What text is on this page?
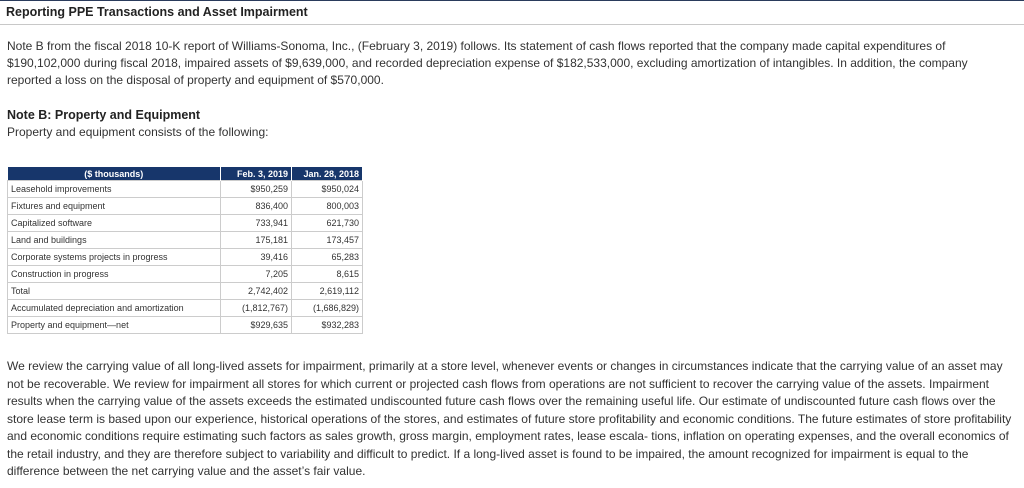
Reporting PPE Transactions and Asset Impairment
Note B from the fiscal 2018 10-K report of Williams-Sonoma, Inc., (February 3, 2019) follows. Its statement of cash flows reported that the company made capital expenditures of $190,102,000 during fiscal 2018, impaired assets of $9,639,000, and recorded depreciation expense of $182,533,000, excluding amortization of intangibles. In addition, the company reported a loss on the disposal of property and equipment of $570,000.
Note B: Property and Equipment
Property and equipment consists of the following:
($ thousands)	Feb. 3, 2019	Jan. 28, 2018
Leasehold improvements	$950,259	$950,024
Fixtures and equipment	836,400	800,003
Capitalized software	733,941	621,730
Land and buildings	175,181	173,457
Corporate systems projects in progress	39,416	65,283
Construction in progress	7,205	8,615
Total	2,742,402	2,619,112
Accumulated depreciation and amortization	(1,812,767)	(1,686,829)
Property and equipment—net	$929,635	$932,283
We review the carrying value of all long-lived assets for impairment, primarily at a store level, whenever events or changes in circumstances indicate that the carrying value of an asset may not be recoverable. We review for impairment all stores for which current or projected cash flows from operations are not sufficient to recover the carrying value of the assets. Impairment results when the carrying value of the assets exceeds the estimated undiscounted future cash flows over the remaining useful life. Our estimate of undiscounted future cash flows over the store lease term is based upon our experience, historical operations of the stores, and estimates of future store profitability and economic conditions. The future estimates of store profitability and economic conditions require estimating such factors as sales growth, gross margin, employment rates, lease escala- tions, inflation on operating expenses, and the overall economics of the retail industry, and they are therefore subject to variability and difficult to predict. If a long-lived asset is found to be impaired, the amount recognized for impairment is equal to the difference between the net carrying value and the asset’s fair value.
